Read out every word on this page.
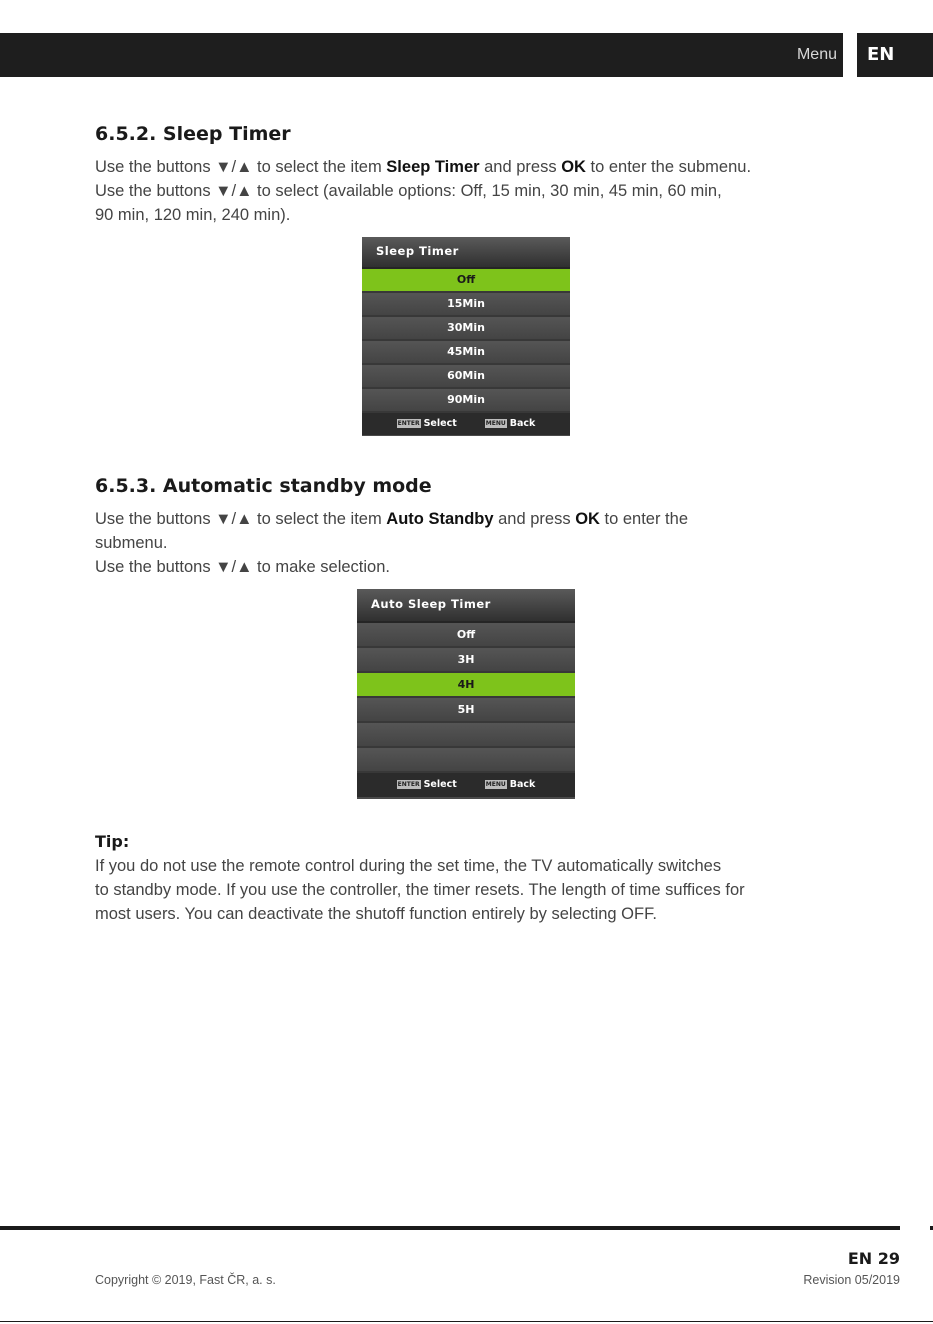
Menu	EN
6.5.2. Sleep Timer

Use the buttons ▼/▲ to select the item Sleep Timer and press OK to enter the submenu.

Use the buttons ▼/▲ to select (available options: Off, 15 min, 30 min, 45 min, 60 min,

90 min, 120 min, 240 min).

Sleep Timer
Off
15Min
30Min
45Min
60Min
90Min
ENTER Select	MENU Back
6.5.3. Automatic standby mode

Use the buttons ▼/▲ to select the item Auto Standby and press OK to enter the

submenu.

Use the buttons ▼/▲ to make selection.

Auto Sleep Timer
Off
3H
4H
5H
ENTER Select	MENU Back
Tip:

If you do not use the remote control during the set time, the TV automatically switches

to standby mode. If you use the controller, the timer resets. The length of time suffices for

most users. You can deactivate the shutoff function entirely by selecting OFF.

EN 29
Copyright © 2019, Fast ČR, a. s.	Revision 05/2019
